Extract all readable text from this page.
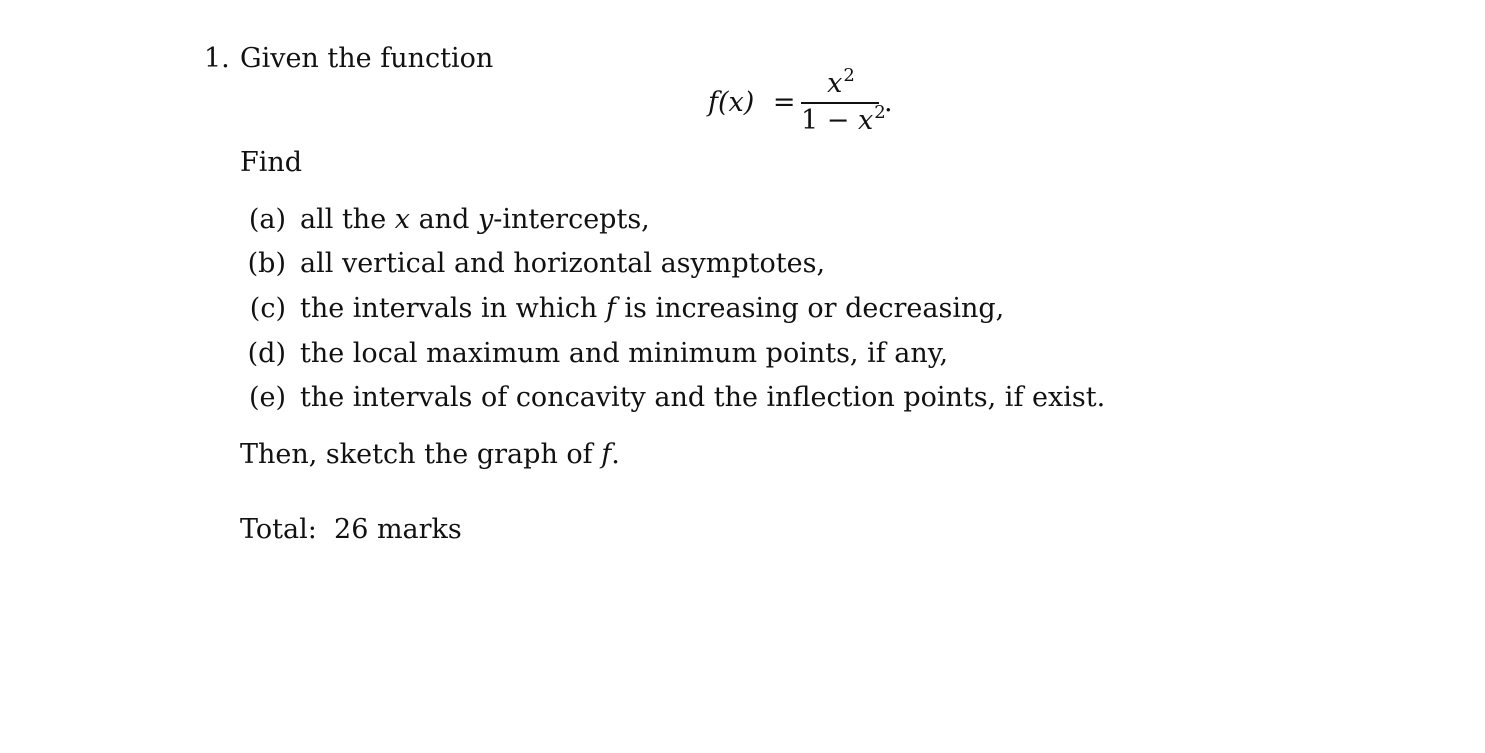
1. Given the function
f(x) =
$x^2$
$1 - x^2$
.
Find
(a) all the x and y-intercepts,
(b) all vertical and horizontal asymptotes,
(c) the intervals in which f is increasing or decreasing,
(d) the local maximum and minimum points, if any,
(e) the intervals of concavity and the inflection points, if exist.
Then, sketch the graph of f.
Total:  26 marks
